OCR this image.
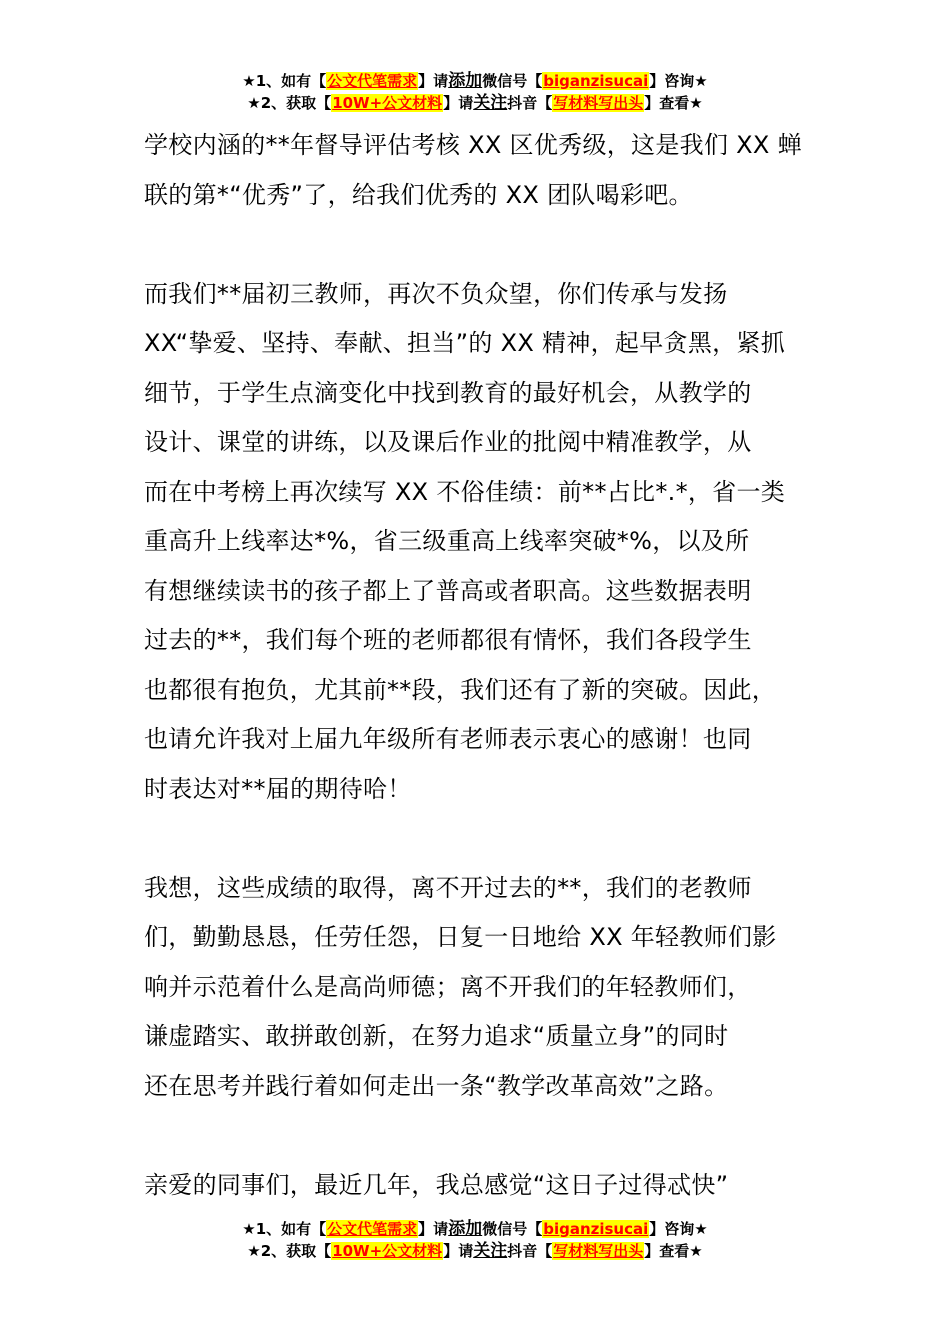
★1、如有【公文代笔需求】请添加微信号【biganzisucai】咨询★
★2、获取【10W+公文材料】请关注抖音【写材料写出头】查看★

学校内涵的**年督导评估考核 XX 区优秀级，这是我们 XX 蝉
联的第*“优秀”了，给我们优秀的 XX 团队喝彩吧。

而我们**届初三教师，再次不负众望，你们传承与发扬
XX“挚爱、坚持、奉献、担当”的 XX 精神，起早贪黑，紧抓
细节，于学生点滴变化中找到教育的最好机会，从教学的
设计、课堂的讲练，以及课后作业的批阅中精准教学，从
而在中考榜上再次续写 XX 不俗佳绩：前**占比*.*，省一类
重高升上线率达*%，省三级重高上线率突破*%，以及所
有想继续读书的孩子都上了普高或者职高。这些数据表明
过去的**，我们每个班的老师都很有情怀，我们各段学生
也都很有抱负，尤其前**段，我们还有了新的突破。因此，
也请允许我对上届九年级所有老师表示衷心的感谢！也同
时表达对**届的期待哈！

我想，这些成绩的取得，离不开过去的**，我们的老教师
们，勤勤恳恳，任劳任怨，日复一日地给 XX 年轻教师们影
响并示范着什么是高尚师德；离不开我们的年轻教师们，
谦虚踏实、敢拼敢创新，在努力追求“质量立身”的同时
还在思考并践行着如何走出一条“教学改革高效”之路。

亲爱的同事们，最近几年，我总感觉“这日子过得忒快”

★1、如有【公文代笔需求】请添加微信号【biganzisucai】咨询★
★2、获取【10W+公文材料】请关注抖音【写材料写出头】查看★
